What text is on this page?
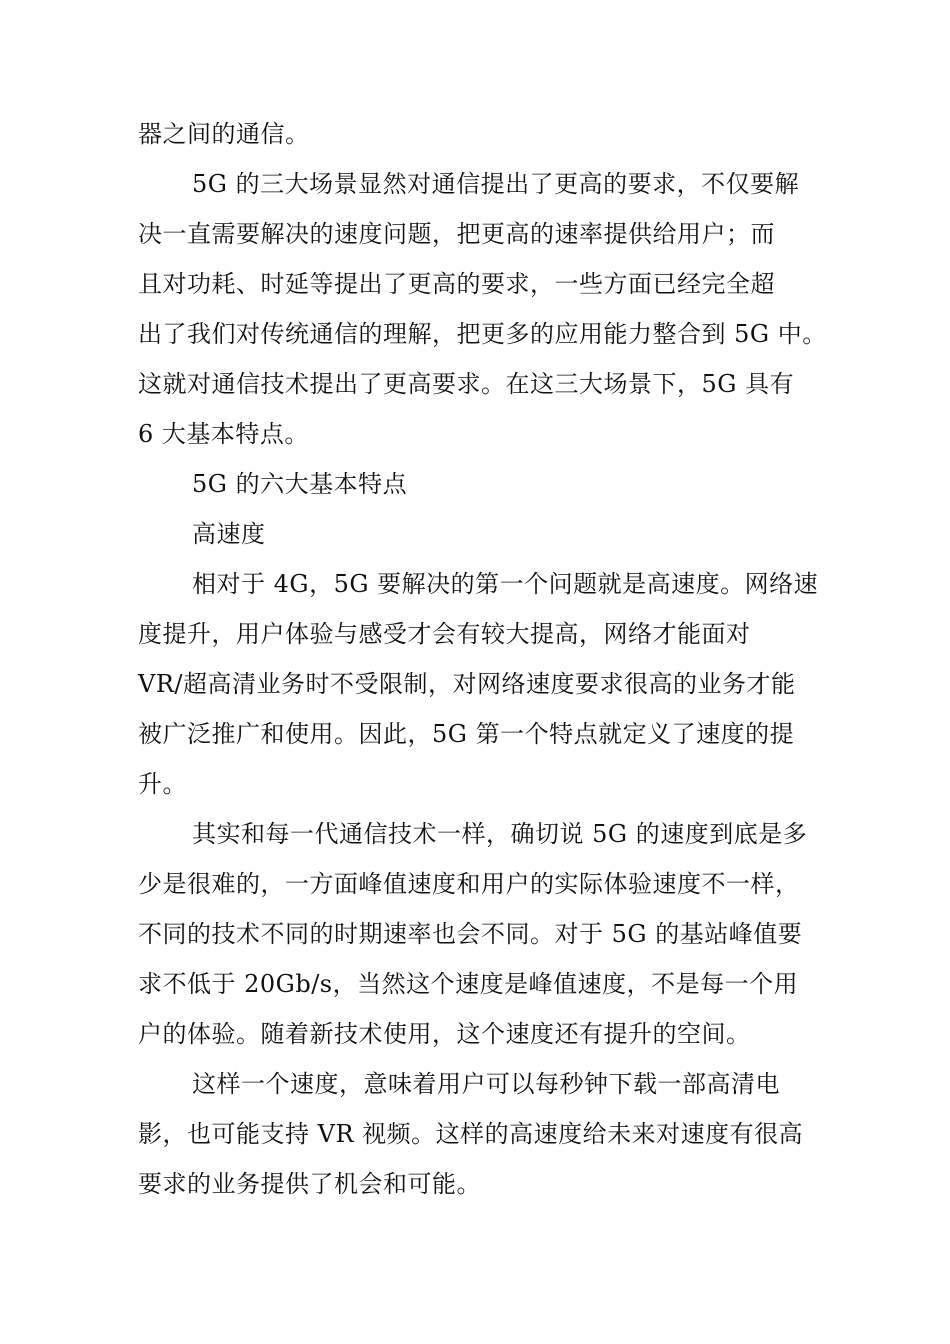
器之间的通信。
5G 的三大场景显然对通信提出了更高的要求，不仅要解
决一直需要解决的速度问题，把更高的速率提供给用户；而
且对功耗、时延等提出了更高的要求，一些方面已经完全超
出了我们对传统通信的理解，把更多的应用能力整合到 5G 中。
这就对通信技术提出了更高要求。在这三大场景下，5G 具有
6 大基本特点。
5G 的六大基本特点
高速度
相对于 4G，5G 要解决的第一个问题就是高速度。网络速
度提升，用户体验与感受才会有较大提高，网络才能面对
VR/超高清业务时不受限制，对网络速度要求很高的业务才能
被广泛推广和使用。因此，5G 第一个特点就定义了速度的提
升。
其实和每一代通信技术一样，确切说 5G 的速度到底是多
少是很难的，一方面峰值速度和用户的实际体验速度不一样，
不同的技术不同的时期速率也会不同。对于 5G 的基站峰值要
求不低于 20Gb/s，当然这个速度是峰值速度，不是每一个用
户的体验。随着新技术使用，这个速度还有提升的空间。
这样一个速度，意味着用户可以每秒钟下载一部高清电
影，也可能支持 VR 视频。这样的高速度给未来对速度有很高
要求的业务提供了机会和可能。
